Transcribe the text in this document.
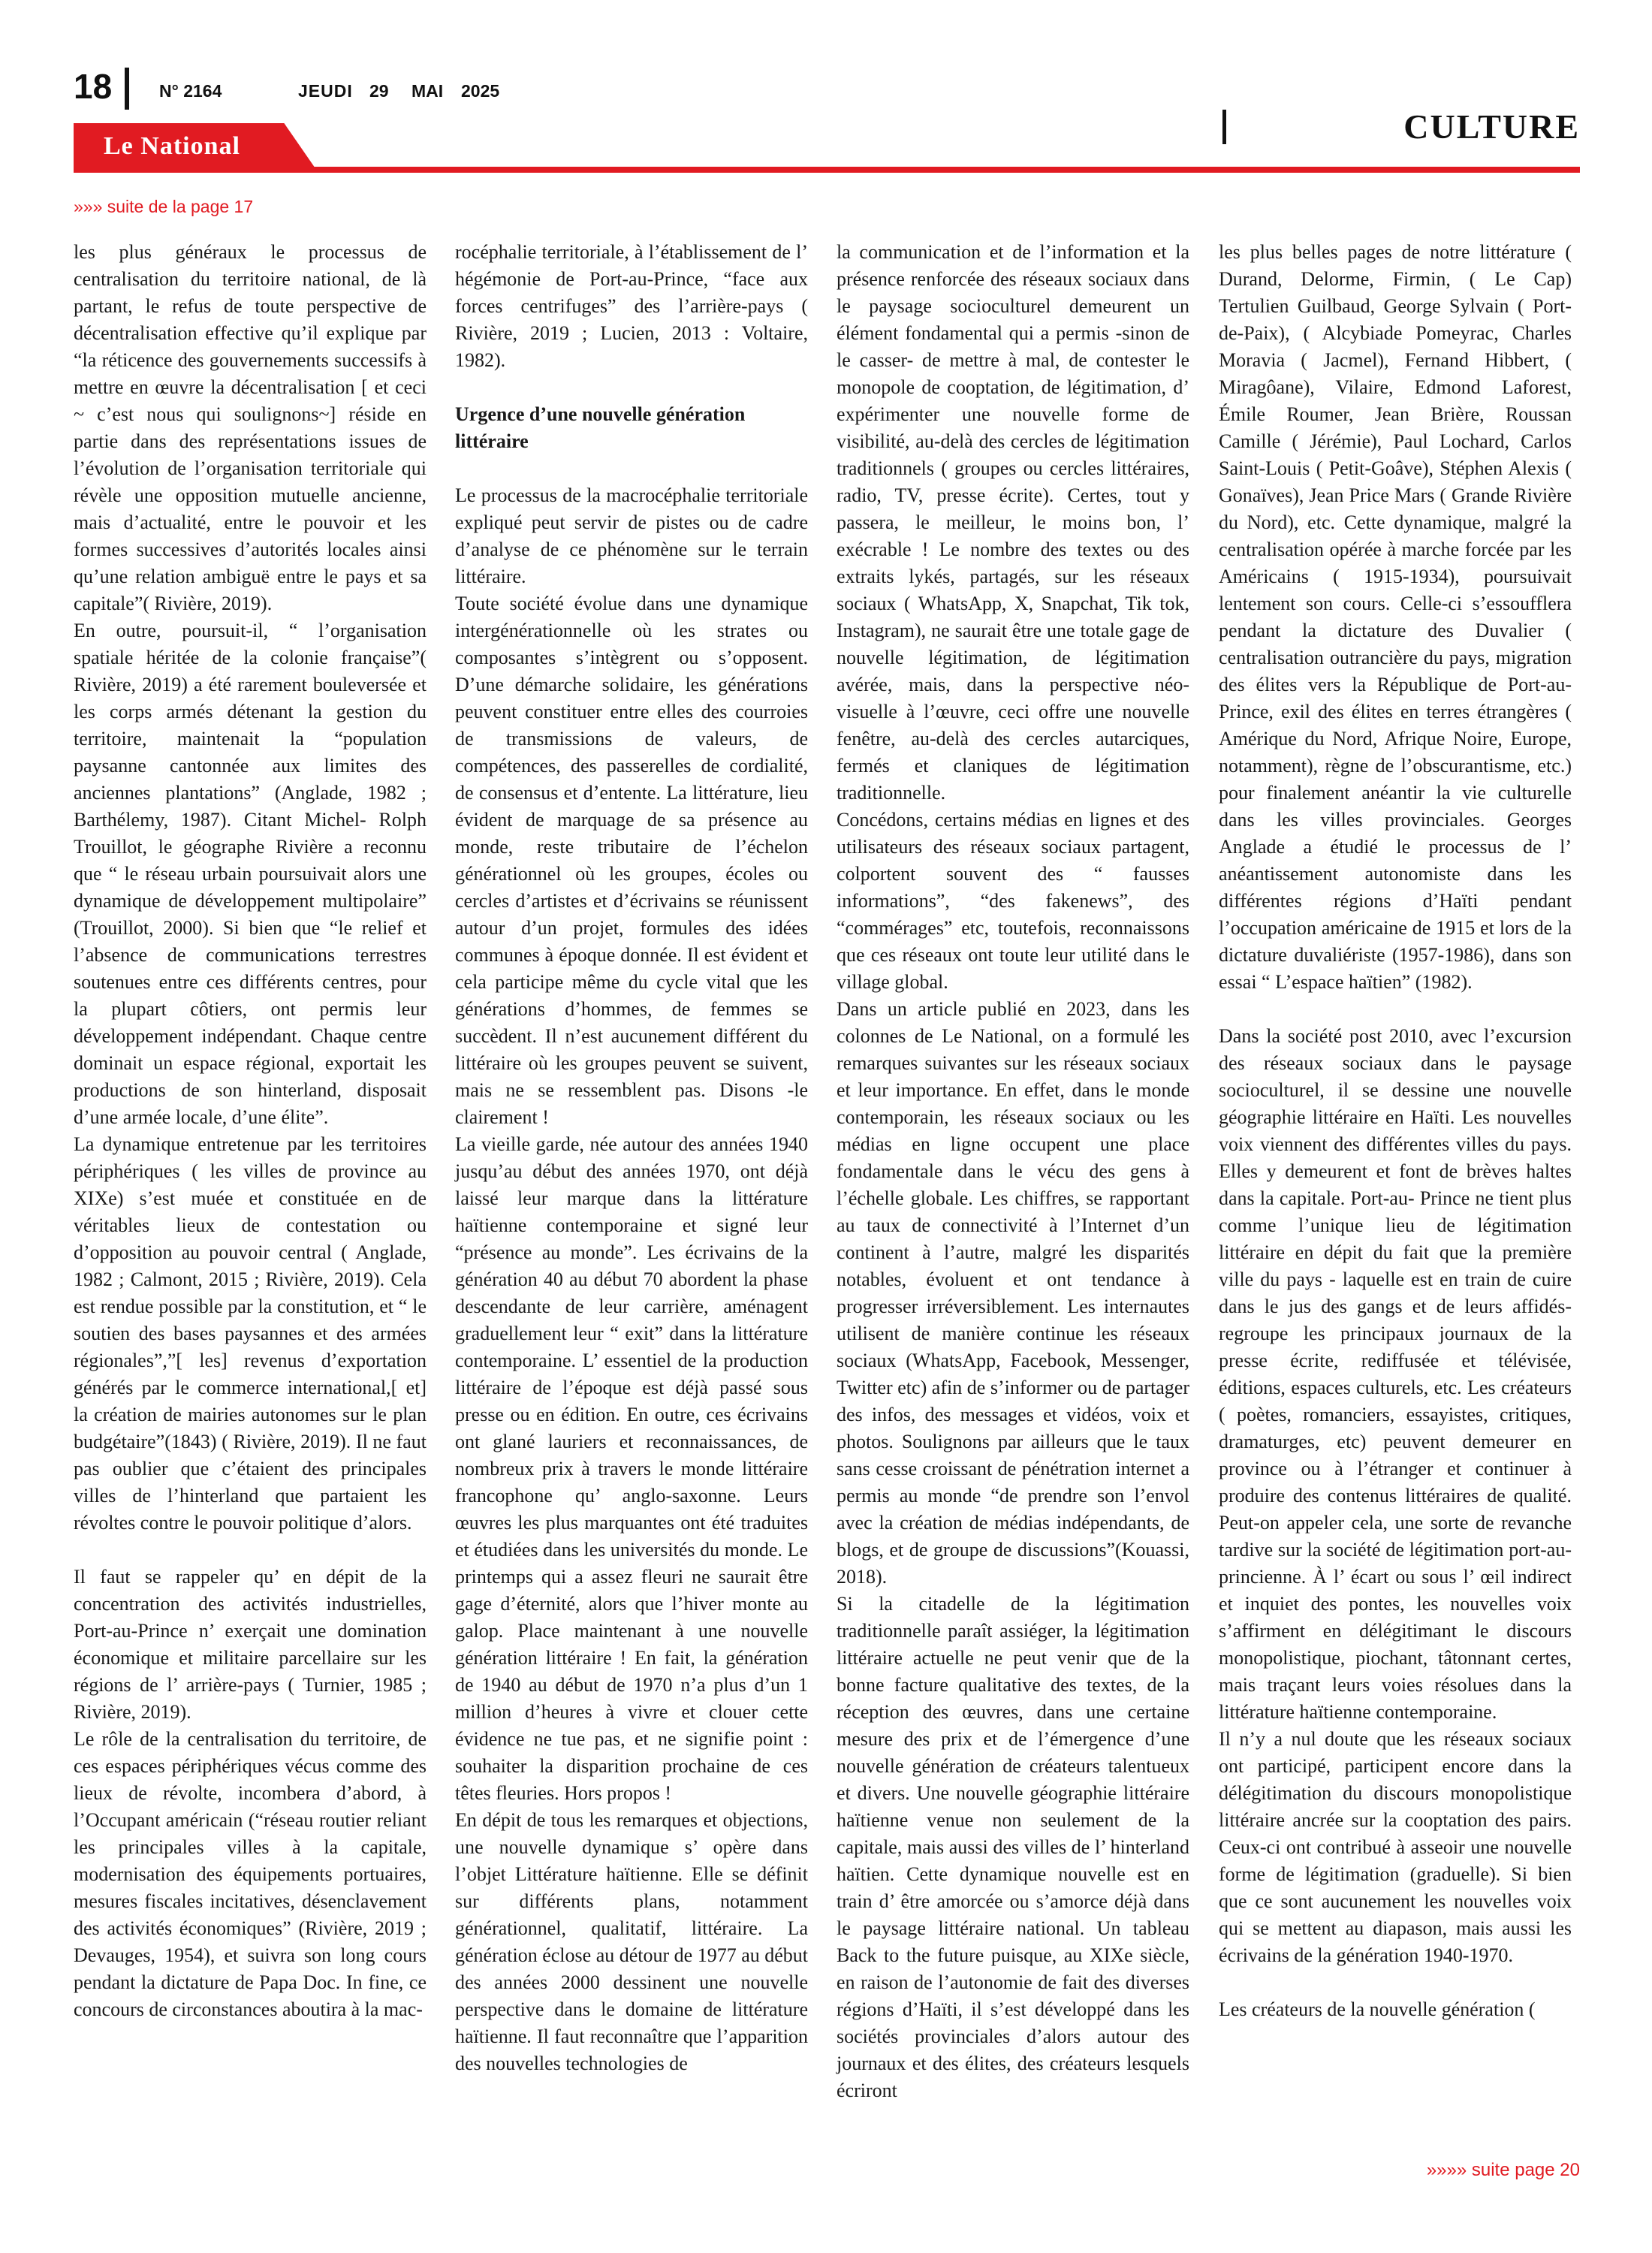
18	N° 2164	JEUDI 29 MAI 2025
CULTURE
Le National
»»» suite de la page 17

les plus généraux le processus de centralisation du territoire national, de là partant, le refus de toute perspective de décentralisation effective qu’il explique par “la réticence des gouvernements successifs à mettre en œuvre la décentralisation [ et ceci ~ c’est nous qui soulignons~] réside en partie dans des représentations issues de l’évolution de l’organisation territoriale qui révèle une opposition mutuelle ancienne, mais d’actualité, entre le pouvoir et les formes successives d’autorités locales ainsi qu’une relation ambiguë entre le pays et sa capitale”( Rivière, 2019).

En outre, poursuit-il, “ l’organisation spatiale héritée de la colonie française”( Rivière, 2019) a été rarement bouleversée et les corps armés détenant la gestion du territoire, maintenait la “population paysanne cantonnée aux limites des anciennes plantations” (Anglade, 1982 ; Barthélemy, 1987). Citant Michel- Rolph Trouillot, le géographe Rivière a reconnu que “ le réseau urbain poursuivait alors une dynamique de développement multipolaire” (Trouillot, 2000). Si bien que “le relief et l’absence de communications terrestres soutenues entre ces différents centres, pour la plupart côtiers, ont permis leur développement indépendant. Chaque centre dominait un espace régional, exportait les productions de son hinterland, disposait d’une armée locale, d’une élite”.

La dynamique entretenue par les territoires périphériques ( les villes de province au XIXe) s’est muée et constituée en de véritables lieux de contestation ou d’opposition au pouvoir central ( Anglade, 1982 ; Calmont, 2015 ; Rivière, 2019). Cela est rendue possible par la constitution, et “ le soutien des bases paysannes et des armées régionales”,”[ les] revenus d’exportation générés par le commerce international,[ et] la création de mairies autonomes sur le plan budgétaire”(1843) ( Rivière, 2019). Il ne faut pas oublier que c’étaient des principales villes de l’hinterland que partaient les révoltes contre le pouvoir politique d’alors.

Il faut se rappeler qu’ en dépit de la concentration des activités industrielles, Port-au-Prince n’ exerçait une domination économique et militaire parcellaire sur les régions de l’ arrière-pays ( Turnier, 1985 ; Rivière, 2019).

Le rôle de la centralisation du territoire, de ces espaces périphériques vécus comme des lieux de révolte, incombera d’abord, à l’Occupant américain (“réseau routier reliant les principales villes à la capitale, modernisation des équipements portuaires, mesures fiscales incitatives, désenclavement des activités économiques” (Rivière, 2019 ; Devauges, 1954), et suivra son long cours pendant la dictature de Papa Doc. In fine, ce concours de circonstances aboutira à la mac-

rocéphalie territoriale, à l’établissement de l’ hégémonie de Port-au-Prince, “face aux forces centrifuges” des l’arrière-pays ( Rivière, 2019 ; Lucien, 2013 : Voltaire, 1982).

Urgence d’une nouvelle génération littéraire

Le processus de la macrocéphalie territoriale expliqué peut servir de pistes ou de cadre d’analyse de ce phénomène sur le terrain littéraire.

Toute société évolue dans une dynamique intergénérationnelle où les strates ou composantes s’intègrent ou s’opposent. D’une démarche solidaire, les générations peuvent constituer entre elles des courroies de transmissions de valeurs, de compétences, des passerelles de cordialité, de consensus et d’entente. La littérature, lieu évident de marquage de sa présence au monde, reste tributaire de l’échelon générationnel où les groupes, écoles ou cercles d’artistes et d’écrivains se réunissent autour d’un projet, formules des idées communes à époque donnée. Il est évident et cela participe même du cycle vital que les générations d’hommes, de femmes se succèdent. Il n’est aucunement différent du littéraire où les groupes peuvent se suivent, mais ne se ressemblent pas. Disons -le clairement !

La vieille garde, née autour des années 1940 jusqu’au début des années 1970, ont déjà laissé leur marque dans la littérature haïtienne contemporaine et signé leur “présence au monde”. Les écrivains de la génération 40 au début 70 abordent la phase descendante de leur carrière, aménagent graduellement leur “ exit” dans la littérature contemporaine. L’ essentiel de la production littéraire de l’époque est déjà passé sous presse ou en édition. En outre, ces écrivains ont glané lauriers et reconnaissances, de nombreux prix à travers le monde littéraire francophone qu’ anglo-saxonne. Leurs œuvres les plus marquantes ont été traduites et étudiées dans les universités du monde. Le printemps qui a assez fleuri ne saurait être gage d’éternité, alors que l’hiver monte au galop. Place maintenant à une nouvelle génération littéraire ! En fait, la génération de 1940 au début de 1970 n’a plus d’un 1 million d’heures à vivre et clouer cette évidence ne tue pas, et ne signifie point : souhaiter la disparition prochaine de ces têtes fleuries. Hors propos !

En dépit de tous les remarques et objections, une nouvelle dynamique s’ opère dans l’objet Littérature haïtienne. Elle se définit sur différents plans, notamment générationnel, qualitatif, littéraire. La génération éclose au détour de 1977 au début des années 2000 dessinent une nouvelle perspective dans le domaine de littérature haïtienne. Il faut reconnaître que l’apparition des nouvelles technologies de

la communication et de l’information et la présence renforcée des réseaux sociaux dans le paysage socioculturel demeurent un élément fondamental qui a permis -sinon de le casser- de mettre à mal, de contester le monopole de cooptation, de légitimation, d’ expérimenter une nouvelle forme de visibilité, au-delà des cercles de légitimation traditionnels ( groupes ou cercles littéraires, radio, TV, presse écrite). Certes, tout y passera, le meilleur, le moins bon, l’ exécrable ! Le nombre des textes ou des extraits lykés, partagés, sur les réseaux sociaux ( WhatsApp, X, Snapchat, Tik tok, Instagram), ne saurait être une totale gage de nouvelle légitimation, de légitimation avérée, mais, dans la perspective néo-visuelle à l’œuvre, ceci offre une nouvelle fenêtre, au-delà des cercles autarciques, fermés et claniques de légitimation traditionnelle.

Concédons, certains médias en lignes et des utilisateurs des réseaux sociaux partagent, colportent souvent des “ fausses informations”, “des fakenews”, des “commérages” etc, toutefois, reconnaissons que ces réseaux ont toute leur utilité dans le village global.

Dans un article publié en 2023, dans les colonnes de Le National, on a formulé les remarques suivantes sur les réseaux sociaux et leur importance. En effet, dans le monde contemporain, les réseaux sociaux ou les médias en ligne occupent une place fondamentale dans le vécu des gens à l’échelle globale. Les chiffres, se rapportant au taux de connectivité à l’Internet d’un continent à l’autre, malgré les disparités notables, évoluent et ont tendance à progresser irréversiblement. Les internautes utilisent de manière continue les réseaux sociaux (WhatsApp, Facebook, Messenger, Twitter etc) afin de s’informer ou de partager des infos, des messages et vidéos, voix et photos. Soulignons par ailleurs que le taux sans cesse croissant de pénétration internet a permis au monde “de prendre son l’envol avec la création de médias indépendants, de blogs, et de groupe de discussions”(Kouassi, 2018).

Si la citadelle de la légitimation traditionnelle paraît assiéger, la légitimation littéraire actuelle ne peut venir que de la bonne facture qualitative des textes, de la réception des œuvres, dans une certaine mesure des prix et de l’émergence d’une nouvelle génération de créateurs talentueux et divers. Une nouvelle géographie littéraire haïtienne venue non seulement de la capitale, mais aussi des villes de l’ hinterland haïtien. Cette dynamique nouvelle est en train d’ être amorcée ou s’amorce déjà dans le paysage littéraire national. Un tableau Back to the future puisque, au XIXe siècle, en raison de l’autonomie de fait des diverses régions d’Haïti, il s’est développé dans les sociétés provinciales d’alors autour des journaux et des élites, des créateurs lesquels écriront

les plus belles pages de notre littérature ( Durand, Delorme, Firmin, ( Le Cap) Tertulien Guilbaud, George Sylvain ( Port-de-Paix), ( Alcybiade Pomeyrac, Charles Moravia ( Jacmel), Fernand Hibbert, ( Miragôane), Vilaire, Edmond Laforest, Émile Roumer, Jean Brière, Roussan Camille ( Jérémie), Paul Lochard, Carlos Saint-Louis ( Petit-Goâve), Stéphen Alexis ( Gonaïves), Jean Price Mars ( Grande Rivière du Nord), etc. Cette dynamique, malgré la centralisation opérée à marche forcée par les Américains ( 1915-1934), poursuivait lentement son cours. Celle-ci s’essoufflera pendant la dictature des Duvalier ( centralisation outrancière du pays, migration des élites vers la République de Port-au-Prince, exil des élites en terres étrangères ( Amérique du Nord, Afrique Noire, Europe, notamment), règne de l’obscurantisme, etc.) pour finalement anéantir la vie culturelle dans les villes provinciales. Georges Anglade a étudié le processus de l’ anéantissement autonomiste dans les différentes régions d’Haïti pendant l’occupation américaine de 1915 et lors de la dictature duvaliériste (1957-1986), dans son essai “ L’espace haïtien” (1982).

Dans la société post 2010, avec l’excursion des réseaux sociaux dans le paysage socioculturel, il se dessine une nouvelle géographie littéraire en Haïti. Les nouvelles voix viennent des différentes villes du pays. Elles y demeurent et font de brèves haltes dans la capitale. Port-au- Prince ne tient plus comme l’unique lieu de légitimation littéraire en dépit du fait que la première ville du pays - laquelle est en train de cuire dans le jus des gangs et de leurs affidés- regroupe les principaux journaux de la presse écrite, rediffusée et télévisée, éditions, espaces culturels, etc. Les créateurs ( poètes, romanciers, essayistes, critiques, dramaturges, etc) peuvent demeurer en province ou à l’étranger et continuer à produire des contenus littéraires de qualité. Peut-on appeler cela, une sorte de revanche tardive sur la société de légitimation port-au-princienne. À l’ écart ou sous l’ œil indirect et inquiet des pontes, les nouvelles voix s’affirment en délégitimant le discours monopolistique, piochant, tâtonnant certes, mais traçant leurs voies résolues dans la littérature haïtienne contemporaine.

Il n’y a nul doute que les réseaux sociaux ont participé, participent encore dans la délégitimation du discours monopolistique littéraire ancrée sur la cooptation des pairs. Ceux-ci ont contribué à asseoir une nouvelle forme de légitimation (graduelle). Si bien que ce sont aucunement les nouvelles voix qui se mettent au diapason, mais aussi les écrivains de la génération 1940-1970.

Les créateurs de la nouvelle génération (

»»»» suite page 20
